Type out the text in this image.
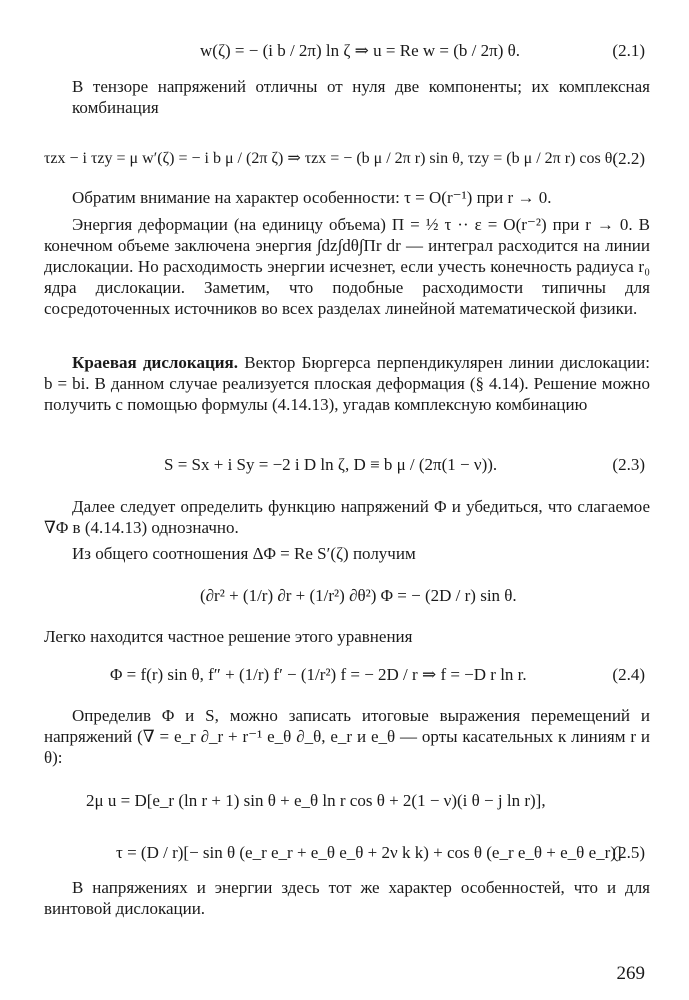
w(ζ) = − (i b / 2π) ln ζ ⇒ u = Re w = (b / 2π) θ.	(2.1)
В тензоре напряжений отличны от нуля две компоненты; их комплексная комбинация
τzx − i τzy = μ w′(ζ) = − i b μ / (2π ζ) ⇒ τzx = − (b μ / 2π r) sin θ, τzy = (b μ / 2π r) cos θ.
(2.2)
Обратим внимание на характер особенности: τ = O(r⁻¹) при r → 0.
Энергия деформации (на единицу объема) П = ½ τ ·· ε = O(r⁻²) при r → 0. В конечном объеме заключена энергия ∫dz∫dθ∫Пr dr — интеграл расходится на линии дислокации. Но расходимость энергии исчезнет, если учесть конечность радиуса r₀ ядра дислокации. Заметим, что подобные расходимости типичны для сосредоточенных источников во всех разделах линейной математической физики.
Краевая дислокация. Вектор Бюргерса перпендикулярен линии дислокации: b = bi. В данном случае реализуется плоская деформация (§ 4.14). Решение можно получить с помощью формулы (4.14.13), угадав комплексную комбинацию
S = Sx + i Sy = −2 i D ln ζ, D ≡ b μ / (2π(1 − ν)).	(2.3)
Далее следует определить функцию напряжений Φ и убедиться, что слагаемое ∇Φ в (4.14.13) однозначно.
Из общего соотношения ΔΦ = Re S′(ζ) получим
(∂r² + (1/r) ∂r + (1/r²) ∂θ²) Φ = − (2D / r) sin θ.
Легко находится частное решение этого уравнения
Φ = f(r) sin θ, f″ + (1/r) f′ − (1/r²) f = − 2D / r ⇒ f = −D r ln r.	(2.4)
Определив Φ и S, можно записать итоговые выражения перемещений и напряжений (∇ = e_r ∂_r + r⁻¹ e_θ ∂_θ, e_r и e_θ — орты касательных к линиям r и θ):
2μ u = D[e_r (ln r + 1) sin θ + e_θ ln r cos θ + 2(1 − ν)(i θ − j ln r)],
τ = (D / r)[− sin θ (e_r e_r + e_θ e_θ + 2ν k k) + cos θ (e_r e_θ + e_θ e_r)]
(2.5)
В напряжениях и энергии здесь тот же характер особенностей, что и для винтовой дислокации.
269
